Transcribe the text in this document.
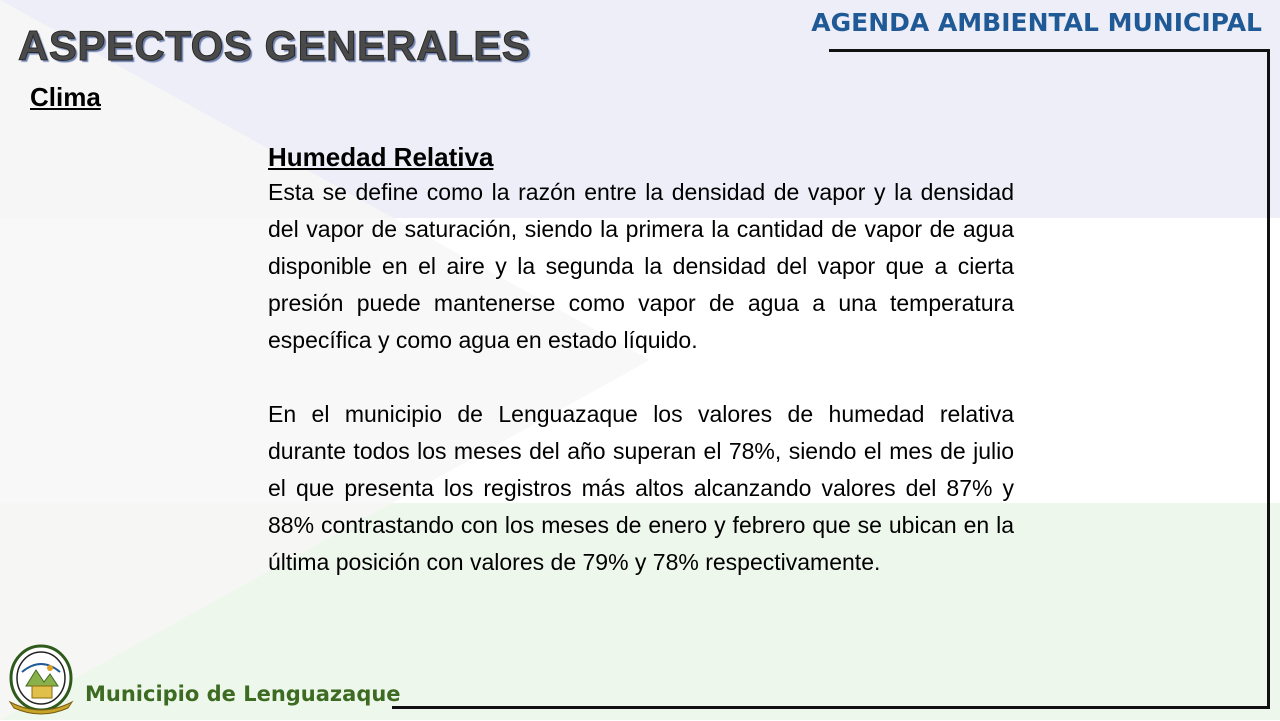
AGENDA AMBIENTAL MUNICIPAL
ASPECTOS GENERALES
Clima
Humedad Relativa

Esta se define como la razón entre la densidad de vapor y la densidad del vapor de saturación, siendo la primera la cantidad de vapor de agua disponible en el aire y la segunda la densidad del vapor que a cierta presión puede mantenerse como vapor de agua a una temperatura específica y como agua en estado líquido.

En el municipio de Lenguazaque los valores de humedad relativa durante todos los meses del año superan el 78%, siendo el mes de julio el que presenta los registros más altos alcanzando valores del 87% y 88% contrastando con los meses de enero y febrero que se ubican en la última posición con valores de 79% y 78% respectivamente.

Municipio de Lenguazaque
